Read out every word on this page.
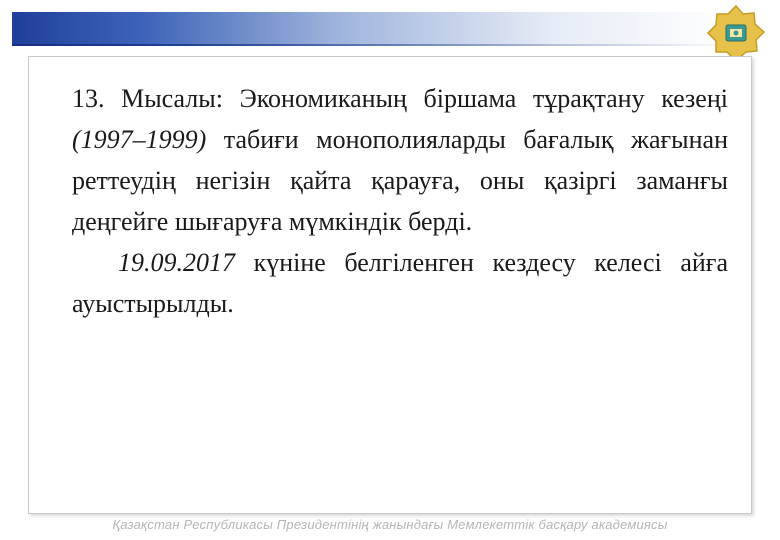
13. Мысалы: Экономиканың біршама тұрақтану кезеңі (1997–1999) табиғи монополияларды бағалық жағынан реттеудің негізін қайта қарауға, оны қазіргі заманғы деңгейге шығаруға мүмкіндік берді.

19.09.2017 күніне белгіленген кездесу келесі айға ауыстырылды.

Қазақстан Республикасы Президентінің жанындағы Мемлекеттік басқару академиясы
